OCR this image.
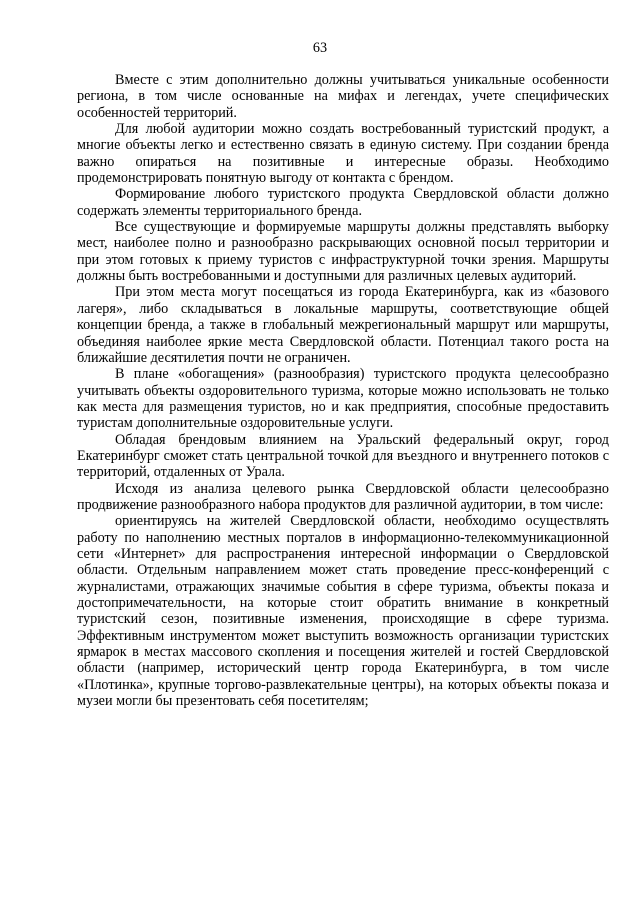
63

Вместе с этим дополнительно должны учитываться уникальные особенности региона, в том числе основанные на мифах и легендах, учете специфических особенностей территорий.

Для любой аудитории можно создать востребованный туристский продукт, а многие объекты легко и естественно связать в единую систему. При создании бренда важно опираться на позитивные и интересные образы. Необходимо продемонстрировать понятную выгоду от контакта с брендом.

Формирование любого туристского продукта Свердловской области должно содержать элементы территориального бренда.

Все существующие и формируемые маршруты должны представлять выборку мест, наиболее полно и разнообразно раскрывающих основной посыл территории и при этом готовых к приему туристов с инфраструктурной точки зрения. Маршруты должны быть востребованными и доступными для различных целевых аудиторий.

При этом места могут посещаться из города Екатеринбурга, как из «базового лагеря», либо складываться в локальные маршруты, соответствующие общей концепции бренда, а также в глобальный межрегиональный маршрут или маршруты, объединяя наиболее яркие места Свердловской области. Потенциал такого роста на ближайшие десятилетия почти не ограничен.

В плане «обогащения» (разнообразия) туристского продукта целесообразно учитывать объекты оздоровительного туризма, которые можно использовать не только как места для размещения туристов, но и как предприятия, способные предоставить туристам дополнительные оздоровительные услуги.

Обладая брендовым влиянием на Уральский федеральный округ, город Екатеринбург сможет стать центральной точкой для въездного и внутреннего потоков с территорий, отдаленных от Урала.

Исходя из анализа целевого рынка Свердловской области целесообразно продвижение разнообразного набора продуктов для различной аудитории, в том числе:

ориентируясь на жителей Свердловской области, необходимо осуществлять работу по наполнению местных порталов в информационно-телекоммуникационной сети «Интернет» для распространения интересной информации о Свердловской области. Отдельным направлением может стать проведение пресс-конференций с журналистами, отражающих значимые события в сфере туризма, объекты показа и достопримечательности, на которые стоит обратить внимание в конкретный туристский сезон, позитивные изменения, происходящие в сфере туризма. Эффективным инструментом может выступить возможность организации туристских ярмарок в местах массового скопления и посещения жителей и гостей Свердловской области (например, исторический центр города Екатеринбурга, в том числе «Плотинка», крупные торгово-развлекательные центры), на которых объекты показа и музеи могли бы презентовать себя посетителям;
